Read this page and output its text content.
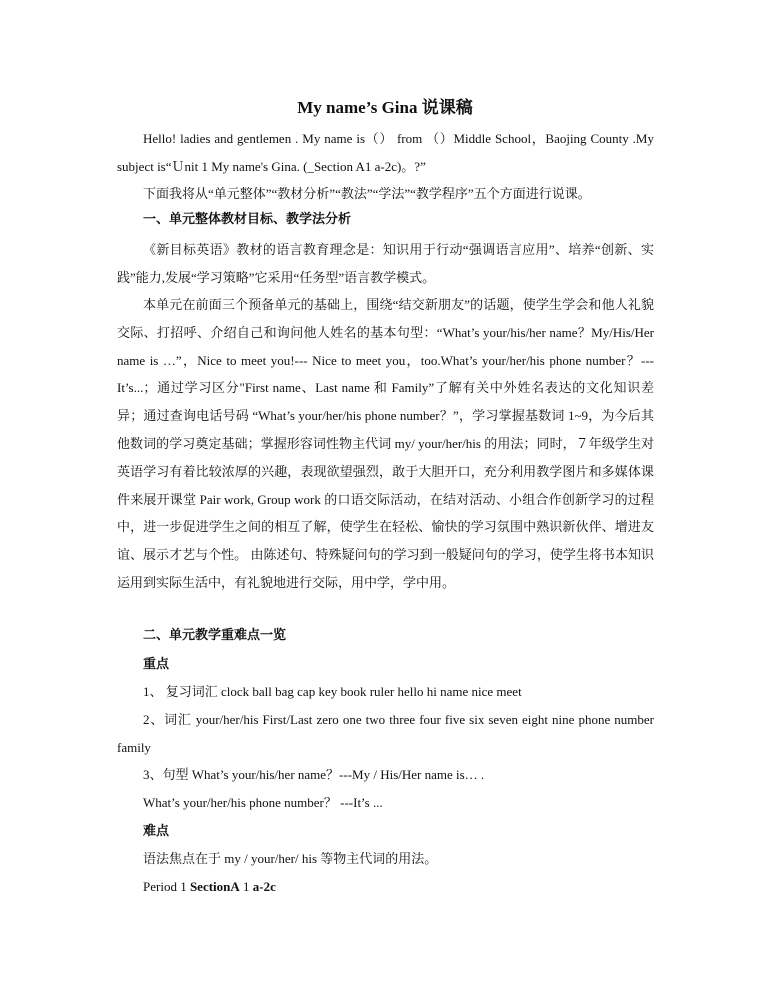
My name’s Gina 说课稿

Hello! ladies and gentlemen . My name is（） from （）Middle School，Baojing County .My subject is“Ｕnit 1 My name's Gina. (_Section A1 a-2c)。?”

下面我将从“单元整体”“教材分析”“教法”“学法”“教学程序”五个方面进行说课。

一、单元整体教材目标、教学法分析

《新目标英语》教材的语言教育理念是：知识用于行动“强调语言应用”、培养“创新、实践”能力,发展“学习策略”它采用“任务型”语言教学模式。

本单元在前面三个预备单元的基础上，围绕“结交新朋友”的话题，使学生学会和他人礼貌交际、打招呼、介绍自己和询问他人姓名的基本句型：“What’s your/his/her name？My/His/Her name is …”，Nice to meet you!--- Nice to meet you，too.What’s your/her/his phone number？--- It’s...；通过学习区分"First name、Last name 和 Family”了解有关中外姓名表达的文化知识差异；通过查询电话号码 “What’s your/her/his phone number？”，学习掌握基数词 1~9，为今后其他数词的学习奠定基础；掌握形容词性物主代词 my/ your/her/his 的用法；同时，７年级学生对英语学习有着比较浓厚的兴趣，表现欲望强烈，敢于大胆开口，充分利用教学图片和多媒体课件来展开课堂 Pair work, Group work 的口语交际活动，在结对活动、小组合作创新学习的过程中，进一步促进学生之间的相互了解，使学生在轻松、愉快的学习氛围中熟识新伙伴、增进友谊、展示才艺与个性。 由陈述句、特殊疑问句的学习到一般疑问句的学习，使学生将书本知识运用到实际生活中，有礼貌地进行交际，用中学，学中用。

二、单元教学重难点一览

重点

1、 复习词汇 clock ball bag cap key book ruler hello hi name nice meet

2、词汇 your/her/his First/Last zero one two three four five six seven eight nine phone number family

3、句型 What’s your/his/her name？---My / His/Her name is… .

What’s your/her/his phone number？ ---It’s ...

难点

语法焦点在于 my / your/her/ his 等物主代词的用法。

Period 1 SectionA 1 a-2c
